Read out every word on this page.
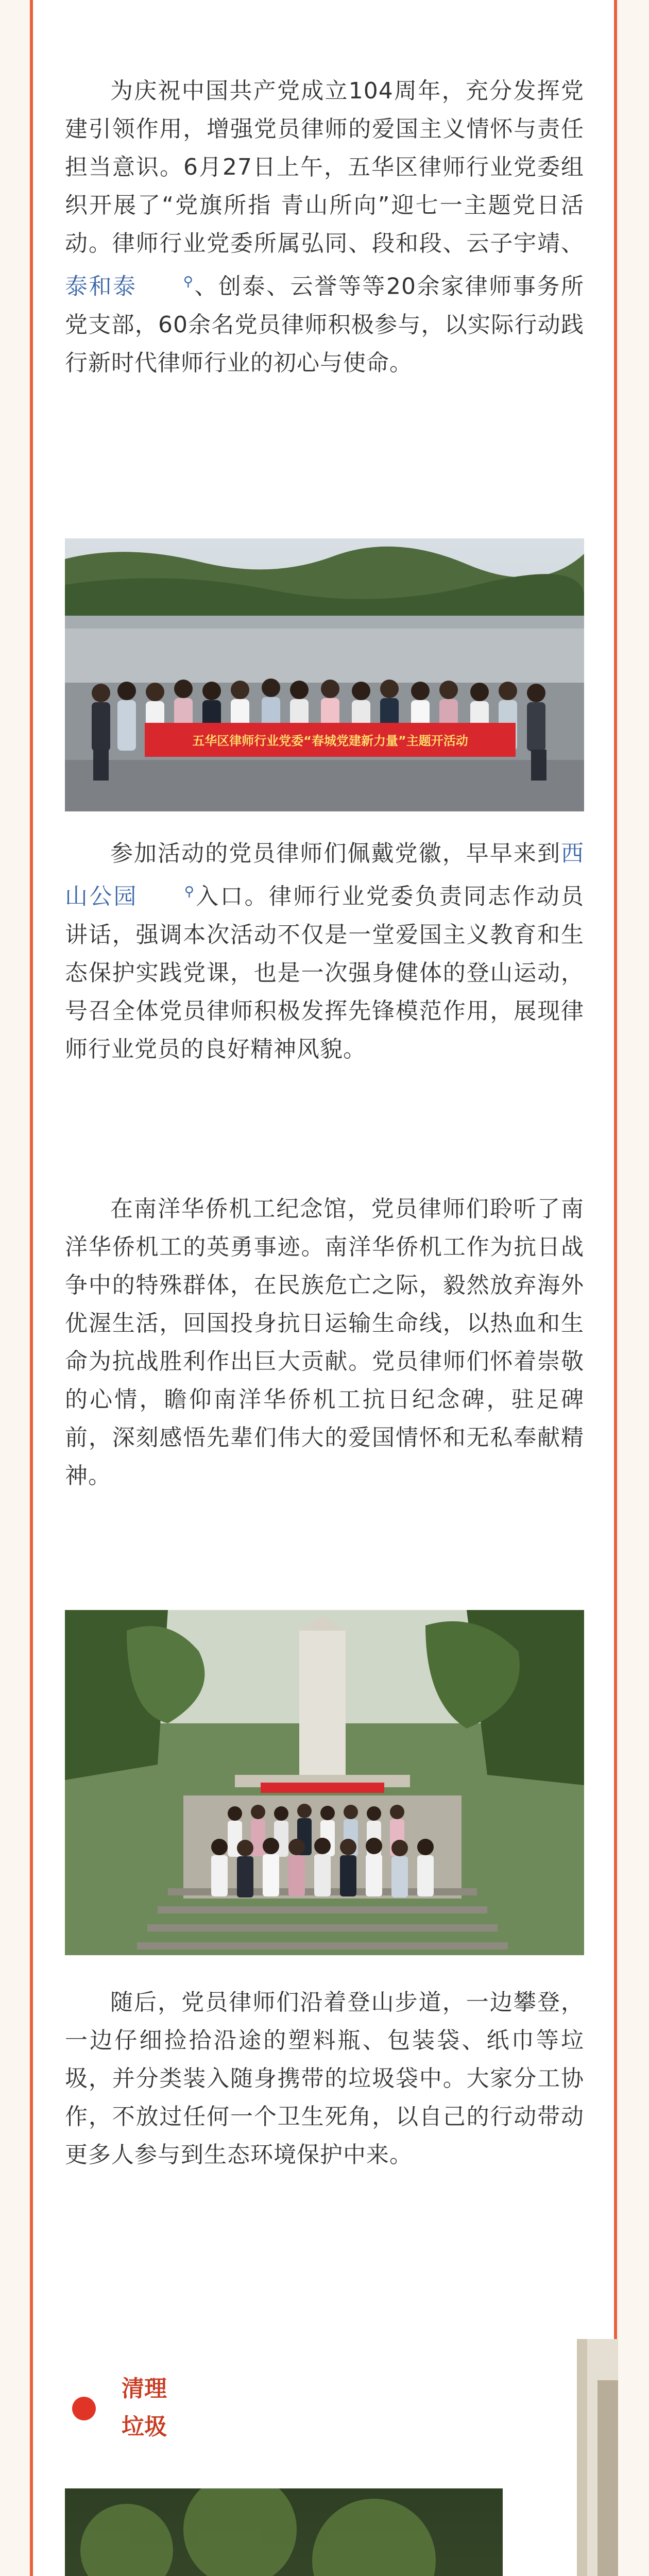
为庆祝中国共产党成立104周年，充分发挥党建引领作用，增强党员律师的爱国主义情怀与责任担当意识。6月27日上午，五华区律师行业党委组织开展了“党旗所指 青山所向”迎七一主题党日活动。律师行业党委所属弘同、段和段、云子宇靖、泰和泰	⚲、创泰、云誉等等20余家律师事务所党支部，60余名党员律师积极参与，以实际行动践行新时代律师行业的初心与使命。

五华区律师行业党委“春城党建新力量”主题开活动

参加活动的党员律师们佩戴党徽，早早来到西山公园	⚲入口。律师行业党委负责同志作动员讲话，强调本次活动不仅是一堂爱国主义教育和生态保护实践党课，也是一次强身健体的登山运动，号召全体党员律师积极发挥先锋模范作用，展现律师行业党员的良好精神风貌。

在南洋华侨机工纪念馆，党员律师们聆听了南洋华侨机工的英勇事迹。南洋华侨机工作为抗日战争中的特殊群体，在民族危亡之际，毅然放弃海外优渥生活，回国投身抗日运输生命线，以热血和生命为抗战胜利作出巨大贡献。党员律师们怀着崇敬的心情，瞻仰南洋华侨机工抗日纪念碑，驻足碑前，深刻感悟先辈们伟大的爱国情怀和无私奉献精神。

随后，党员律师们沿着登山步道，一边攀登，一边仔细捡拾沿途的塑料瓶、包装袋、纸巾等垃圾，并分类装入随身携带的垃圾袋中。大家分工协作，不放过任何一个卫生死角，以自己的行动带动更多人参与到生态环境保护中来。

清理垃圾
